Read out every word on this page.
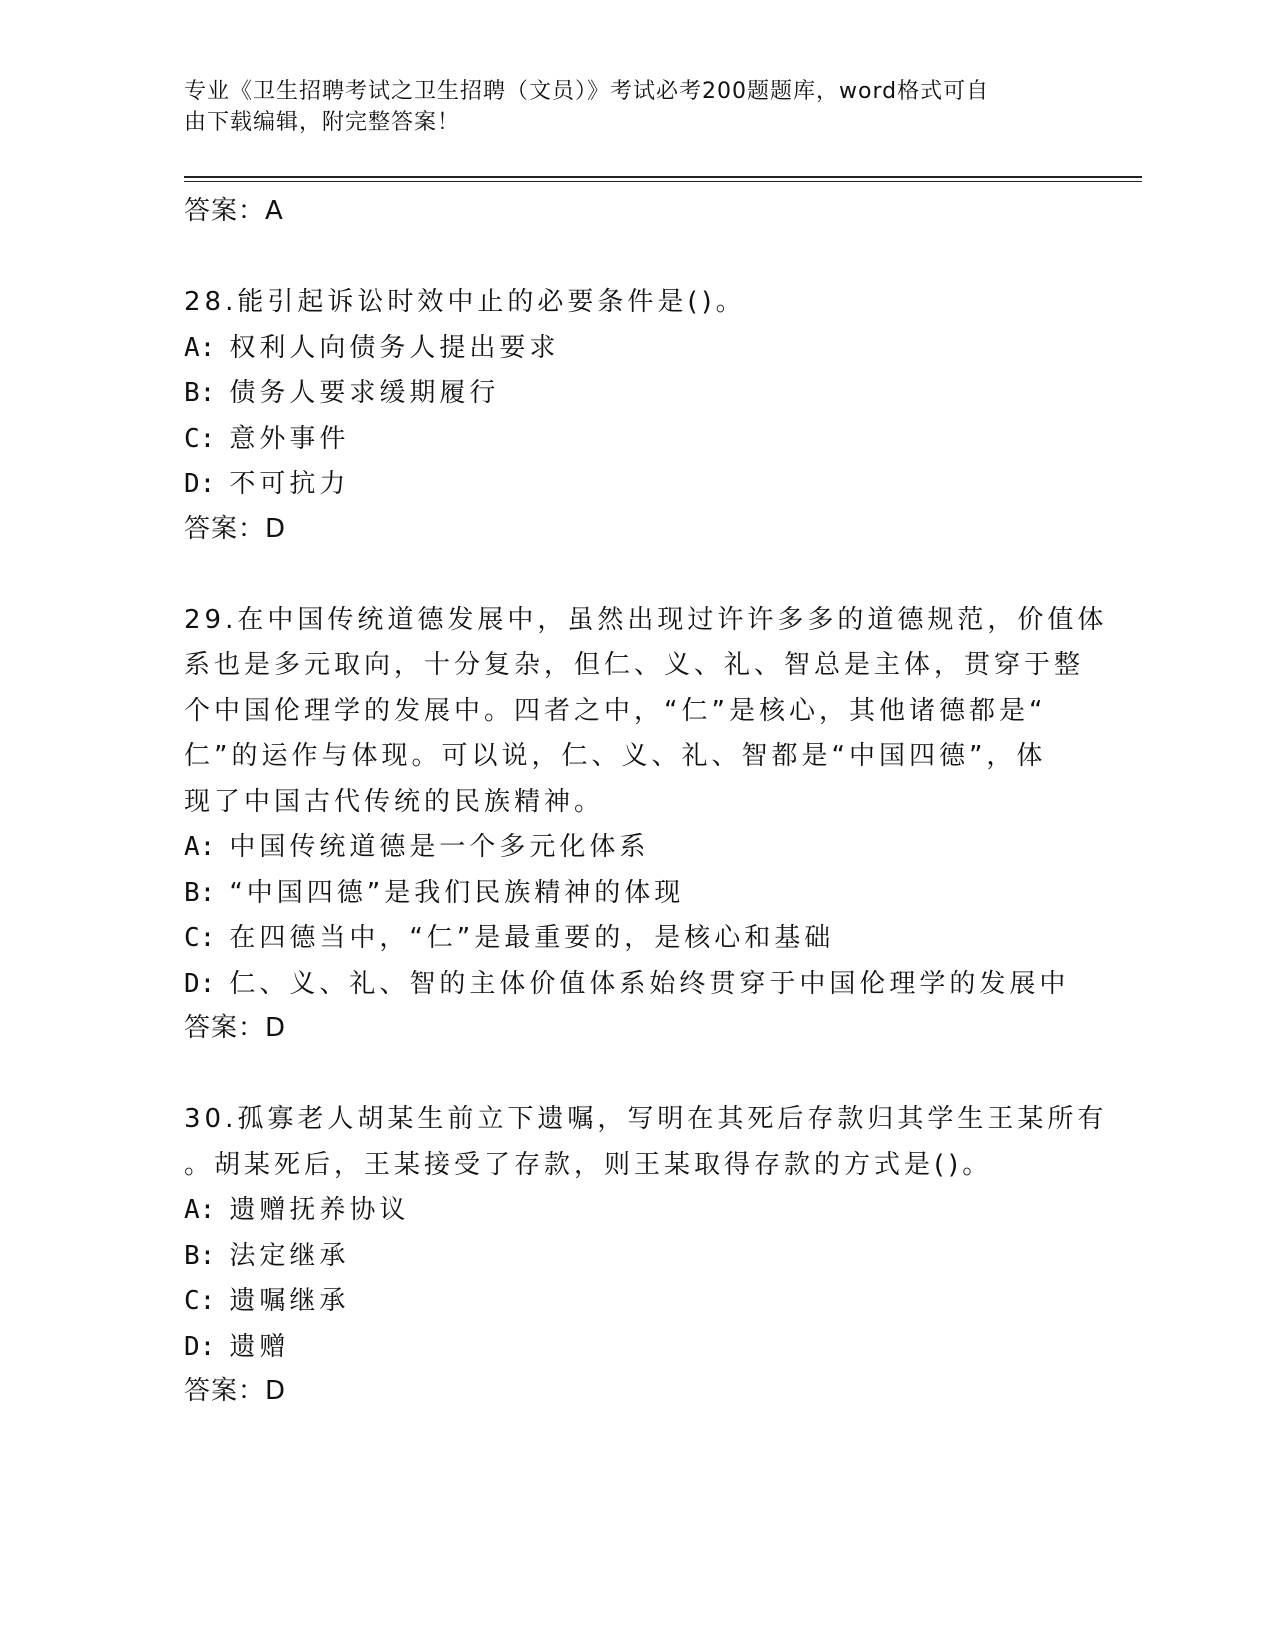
专业《卫生招聘考试之卫生招聘（文员）》考试必考200题题库，word格式可自
由下载编辑，附完整答案！
答案：A
28.能引起诉讼时效中止的必要条件是()。
A: 权利人向债务人提出要求
B: 债务人要求缓期履行
C: 意外事件
D: 不可抗力
答案：D
29.在中国传统道德发展中，虽然出现过许许多多的道德规范，价值体
系也是多元取向，十分复杂，但仁、义、礼、智总是主体，贯穿于整
个中国伦理学的发展中。四者之中，“仁”是核心，其他诸德都是“
仁”的运作与体现。可以说，仁、义、礼、智都是“中国四德”，体
现了中国古代传统的民族精神。
A: 中国传统道德是一个多元化体系
B: “中国四德”是我们民族精神的体现
C: 在四德当中，“仁”是最重要的，是核心和基础
D: 仁、义、礼、智的主体价值体系始终贯穿于中国伦理学的发展中
答案：D
30.孤寡老人胡某生前立下遗嘱，写明在其死后存款归其学生王某所有
。胡某死后，王某接受了存款，则王某取得存款的方式是()。
A: 遗赠抚养协议
B: 法定继承
C: 遗嘱继承
D: 遗赠
答案：D
